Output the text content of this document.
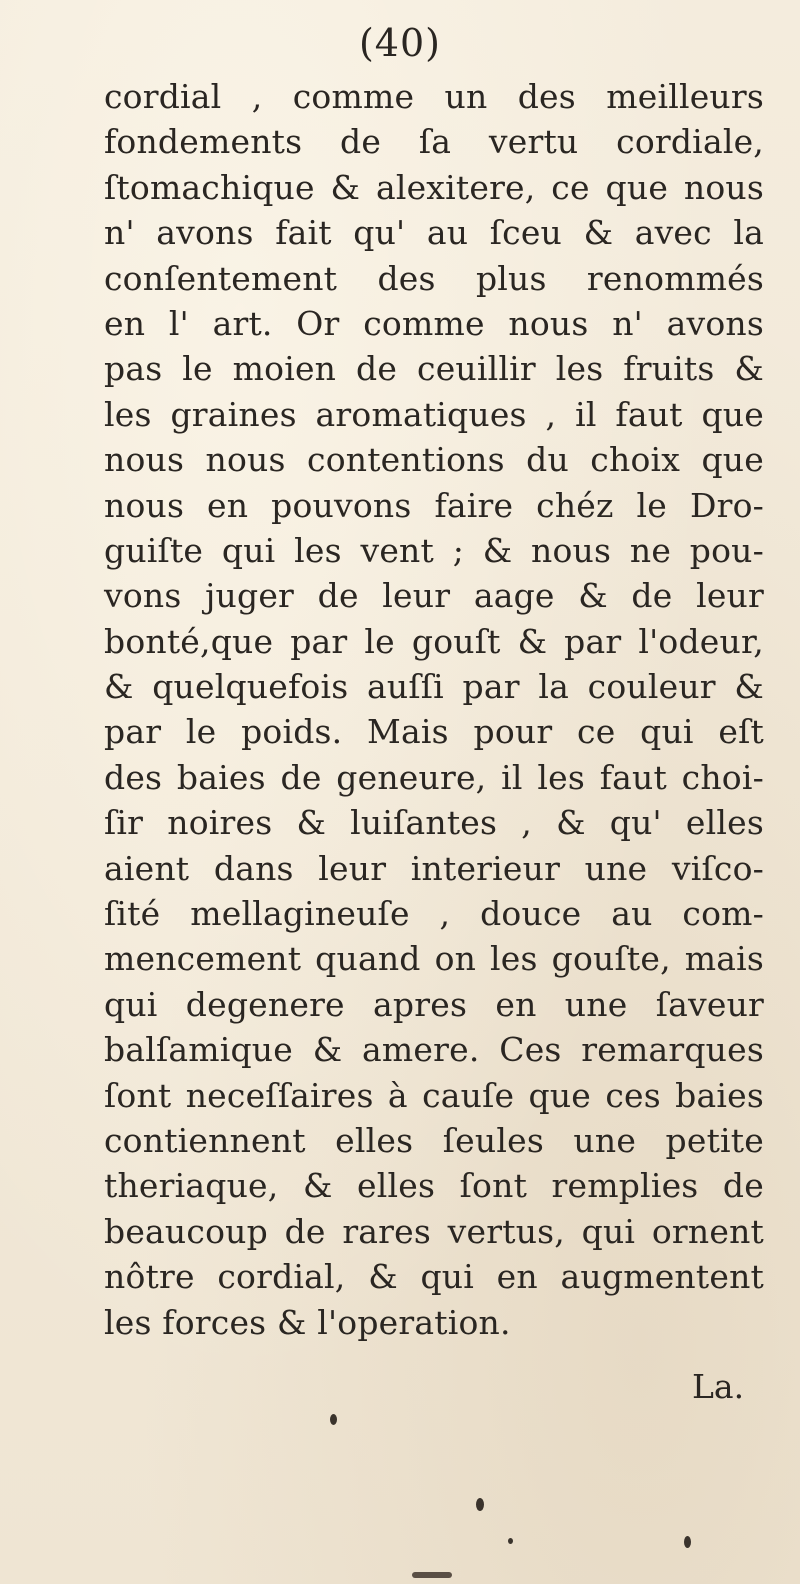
(40)
cordial , comme un des meilleurs
fondements de ſa vertu cordiale,
ſtomachique & alexitere, ce que nous
n' avons fait qu' au ſceu & avec la
conſentement des plus renommés
en l' art. Or comme nous n' avons
pas le moien de ceuillir les fruits &
les graines aromatiques , il faut que
nous nous contentions du choix que
nous en pouvons faire chéz le Dro-
guiſte qui les vent ; & nous ne pou-
vons juger de leur aage & de leur
bonté,que par le gouſt & par l'odeur,
& quelquefois auſſi par la couleur &
par le poids. Mais pour ce qui eſt
des baies de geneure, il les faut choi-
ſir noires & luiſantes , & qu' elles
aient dans leur interieur une viſco-
ſité mellagineuſe , douce au com-
mencement quand on les gouſte, mais
qui degenere apres en une ſaveur
balſamique & amere. Ces remarques
ſont neceſſaires à cauſe que ces baies
contiennent elles ſeules une petite
theriaque, & elles ſont remplies de
beaucoup de rares vertus, qui ornent
nôtre cordial, & qui en augmentent
les forces & l'operation.
La.
